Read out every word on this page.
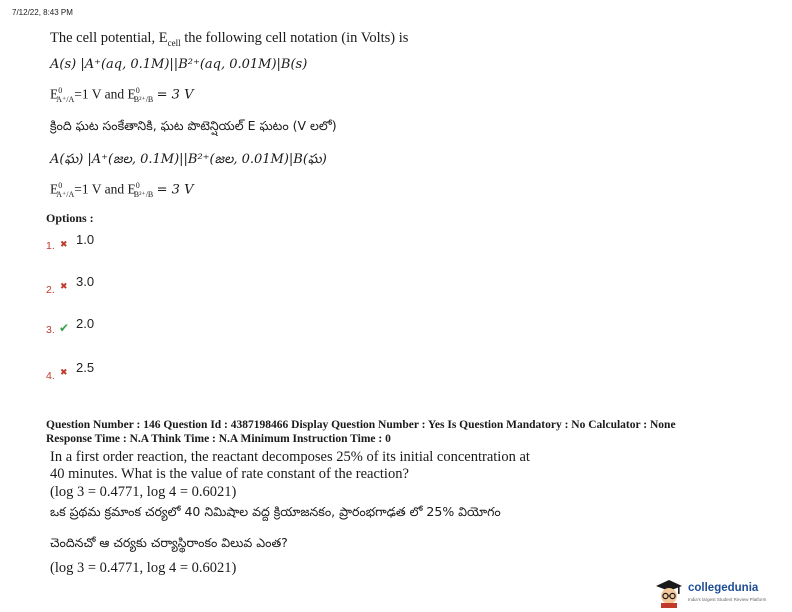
7/12/22, 8:43 PM
The cell potential, $E_{cell}$ the following cell notation (in Volts) is
A(s) |A⁺(aq, 0.1M)||B²⁺(aq, 0.01M)|B(s)
$E^0_{A^+/A}=1$ V and $E^0_{B^{2+}/B} = 3$ V
క్రింది ఘట సంకేతానికి, ఘట పొటెన్షియల్ E ఘటం (V లలో)
A(ఘ) |A⁺(జల, 0.1M)||B²⁺(జల, 0.01M)|B(ఘ)
$E^0_{A^+/A}=1$ V and $E^0_{B^{2+}/B} = 3$ V
Options :
1. ✖ 1.0
2. ✖ 3.0
3. ✔ 2.0
4. ✖ 2.5
Question Number : 146 Question Id : 4387198466 Display Question Number : Yes Is Question Mandatory : No Calculator : None
Response Time : N.A Think Time : N.A Minimum Instruction Time : 0
In a first order reaction, the reactant decomposes 25% of its initial concentration at
40 minutes. What is the value of rate constant of the reaction?
(log 3 = 0.4771, log 4 = 0.6021)
ఒక ప్రథమ క్రమాంక చర్యలో 40 నిమిషాల వద్ద క్రియాజనకం, ప్రారంభగాఢత లో 25% వియోగం
చెందినచో ఆ చర్యకు చర్యాస్థిరాంకం విలువ ఎంత?
(log 3 = 0.4771, log 4 = 0.6021)
collegedunia
India's largest Student Review Platform
